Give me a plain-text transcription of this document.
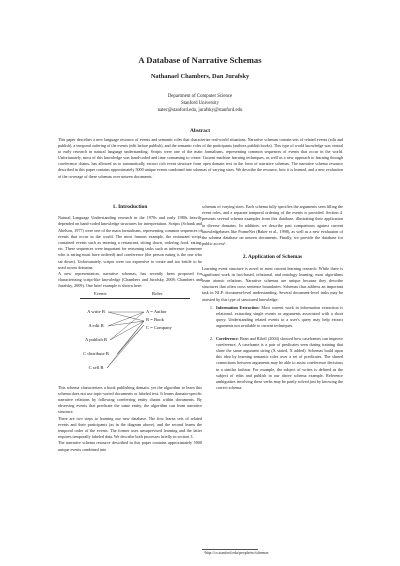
A Database of Narrative Schemas
Nathanael Chambers, Dan Jurafsky
Department of Computer Science
Stanford University
natec@stanford.edu, jurafsky@stanford.edu
Abstract
This paper describes a new language resource of events and semantic roles that characterize real-world situations. Narrative schemas contain sets of related events (edit and publish), a temporal ordering of the events (edit before publish), and the semantic roles of the participants (authors publish books). This type of world knowledge was central to early research in natural language understanding. Scripts were one of the main formalisms, representing common sequences of events that occur in the world. Unfortunately, most of this knowledge was hand-coded and time consuming to create. Current machine learning techniques, as well as a new approach to learning through coreference chains, has allowed us to automatically extract rich event structure from open domain text in the form of narrative schemas. The narrative schema resource described in this paper contains approximately 5000 unique events combined into schemas of varying sizes. We describe the resource, how it is learned, and a new evaluation of the coverage of these schemas over unseen documents.
1. Introduction

Natural Language Understanding research in the 1970s and early 1980s heavily depended on hand-coded knowledge structures for interpretation. Scripts (Schank and Abelson, 1977) were one of the main formalisms, representing common sequences of events that occur in the world. The most famous example, the restaurant script, contained events such as entering a restaurant, sitting down, ordering food, eating, etc. These sequences were important for reasoning tasks such as inference (someone who is eating must have ordered) and coreference (the person eating is the one who sat down). Unfortunately, scripts were too expensive to create and too brittle to be used across domains.

A new representation, narrative schemas, has recently been proposed for characterizing script-like knowledge (Chambers and Jurafsky, 2008; Chambers and Jurafsky, 2009). One brief example is shown here:

Events	Roles
A write B
A edit B
A publish B
C distribute B
C sell B
A = Author
B = Book
C = Company

This schema characterizes a book publishing domain, yet the algorithm to learn this schema does not use topic-sorted documents or labeled text. It learns domain-specific narrative relations by following coreferring entity chains within documents. By observing events that predicate the same entity, the algorithm can learn narrative structure.

There are two steps to learning our new database. The first learns sets of related events and their participants (as in the diagram above), and the second learns the temporal order of the events. The former uses unsupervised learning and the latter requires temporally labeled data. We describe both processes briefly in section 3.

The narrative schema resource described in this paper contains approximately 5000 unique events combined into

schemas of varying sizes. Each schema fully specifies the arguments seen filling the event roles, and a separate temporal ordering of the events is provided. Section 4. presents several schema examples from this database, illustrating their application to diverse domains. In addition, we describe past comparisons against current knowledgebases like FrameNet (Baker et al., 1998), as well as a new evaluation of the schema database on unseen documents. Finally, we provide the database for public access¹.

2. Application of Schemas

Learning event structure is novel to most current learning research. While there is significant work in fact-based, relational, and ontology learning, most algorithms learn atomic relations. Narrative schemas are unique because they describe structures that often cross sentence boundaries. Schemas thus address an important task in NLP: document-level understanding. Several document-level tasks may be assisted by this type of structured knowledge:

1. Information Extraction: Most current work in information extraction is relational, extracting single events or arguments associated with a short query. Understanding related events to a user's query may help extract arguments not available to current techniques.
2. Coreference: Bean and Riloff (2004) showed how caseframes can improve coreference. A caseframe is a pair of predicates seen during training that share the same argument string (X stated, X added). Schemas build upon this idea by learning semantic roles over a set of predicates. The shared connections between arguments may be able to assist coreference decisions in a similar fashion. For example, the subject of writes is defined as the subject of edits and publish in our above schema example. Reference ambiguities involving these verbs may be partly solved just by knowing the correct schema.
¹http://cs.stanford.edu/people/nc/schemas
